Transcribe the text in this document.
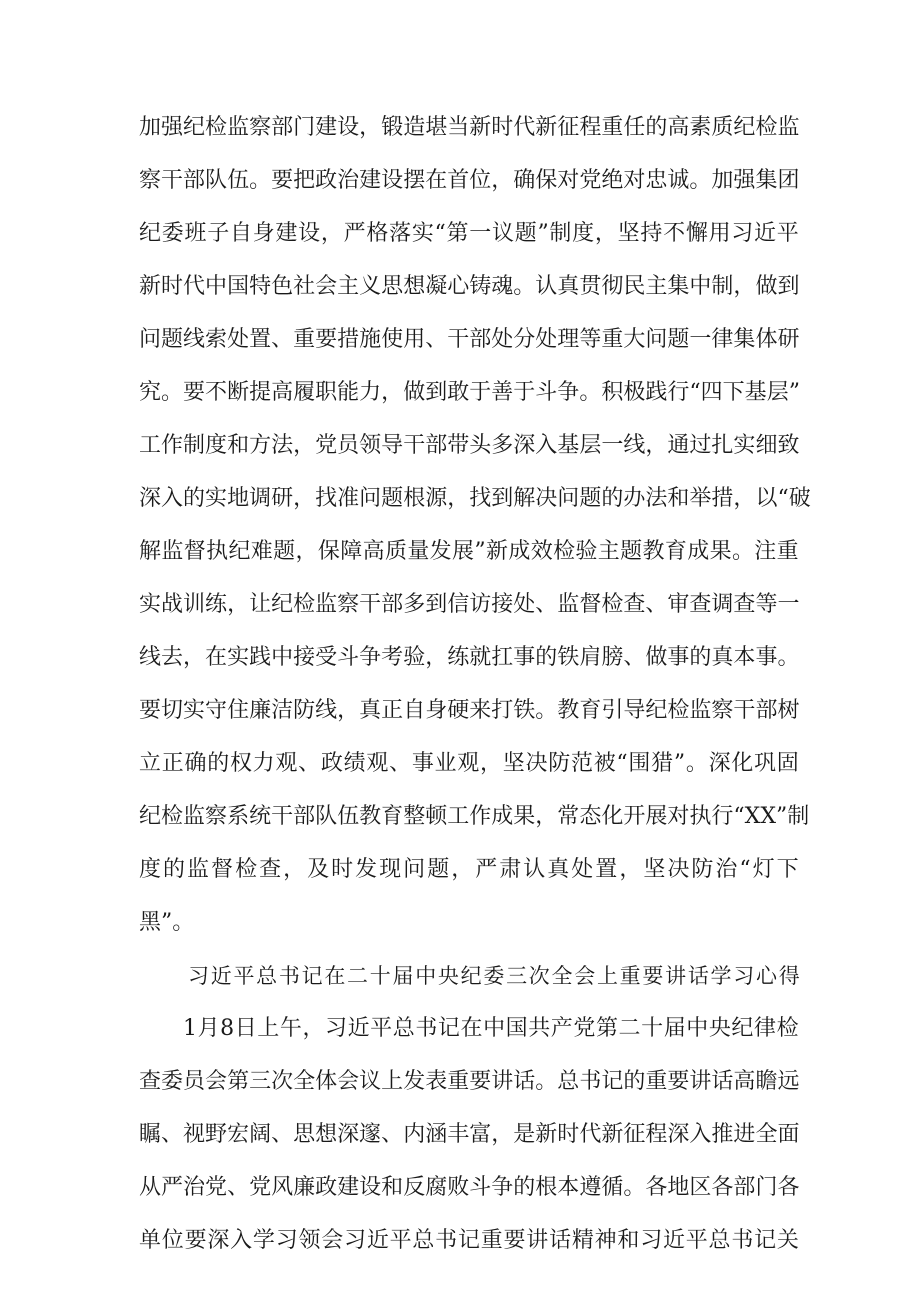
加 强 纪 检 监 察 部 门 建 设 ， 锻 造 堪 当 新 时 代 新 征 程 重 任 的 高 素 质 纪 检 监
察 干 部 队 伍 。 要 把 政 治 建 设 摆 在 首 位 ， 确 保 对 党 绝 对 忠 诚 。 加 强 集 团
纪 委 班 子 自 身 建 设 ， 严 格 落 实 “ 第 一 议 题 ” 制 度 ， 坚 持 不 懈 用 习 近 平
新 时 代 中 国 特 色 社 会 主 义 思 想 凝 心 铸 魂 。 认 真 贯 彻 民 主 集 中 制 ， 做 到
问 题 线 索 处 置 、 重 要 措 施 使 用 、 干 部 处 分 处 理 等 重 大 问 题 一 律 集 体 研
究 。 要 不 断 提 高 履 职 能 力 ， 做 到 敢 于 善 于 斗 争 。 积 极 践 行 “ 四 下 基 层 ”
工 作 制 度 和 方 法 ， 党 员 领 导 干 部 带 头 多 深 入 基 层 一 线 ， 通 过 扎 实 细 致
深 入 的 实 地 调 研 ， 找 准 问 题 根 源 ， 找 到 解 决 问 题 的 办 法 和 举 措 ， 以 “ 破
解 监 督 执 纪 难 题 ， 保 障 高 质 量 发 展 ” 新 成 效 检 验 主 题 教 育 成 果 。 注 重
实 战 训 练 ， 让 纪 检 监 察 干 部 多 到 信 访 接 处 、 监 督 检 查 、 审 查 调 查 等 一
线 去 ， 在 实 践 中 接 受 斗 争 考 验 ， 练 就 扛 事 的 铁 肩 膀 、 做 事 的 真 本 事 。
要 切 实 守 住 廉 洁 防 线 ， 真 正 自 身 硬 来 打 铁 。 教 育 引 导 纪 检 监 察 干 部 树
立 正 确 的 权 力 观 、 政 绩 观 、 事 业 观 ， 坚 决 防 范 被 “ 围 猎 ” 。 深 化 巩 固
纪 检 监 察 系 统 干 部 队 伍 教 育 整 顿 工 作 成 果 ， 常 态 化 开 展 对 执 行 “ X X ” 制
度 的 监 督 检 查 ， 及 时 发 现 问 题 ， 严 肃 认 真 处 置 ， 坚 决 防 治 “ 灯 下
黑”。
习 近 平 总 书 记 在 二 十 届 中 央 纪 委 三 次 全 会 上 重 要 讲 话 学 习 心 得
1 月 8 日 上 午 ， 习 近 平 总 书 记 在 中 国 共 产 党 第 二 十 届 中 央 纪 律 检
查 委 员 会 第 三 次 全 体 会 议 上 发 表 重 要 讲 话 。 总 书 记 的 重 要 讲 话 高 瞻 远
瞩 、 视 野 宏 阔 、 思 想 深 邃 、 内 涵 丰 富 ， 是 新 时 代 新 征 程 深 入 推 进 全 面
从 严 治 党 、 党 风 廉 政 建 设 和 反 腐 败 斗 争 的 根 本 遵 循 。 各 地 区 各 部 门 各
单 位 要 深 入 学 习 领 会 习 近 平 总 书 记 重 要 讲 话 精 神 和 习 近 平 总 书 记 关
